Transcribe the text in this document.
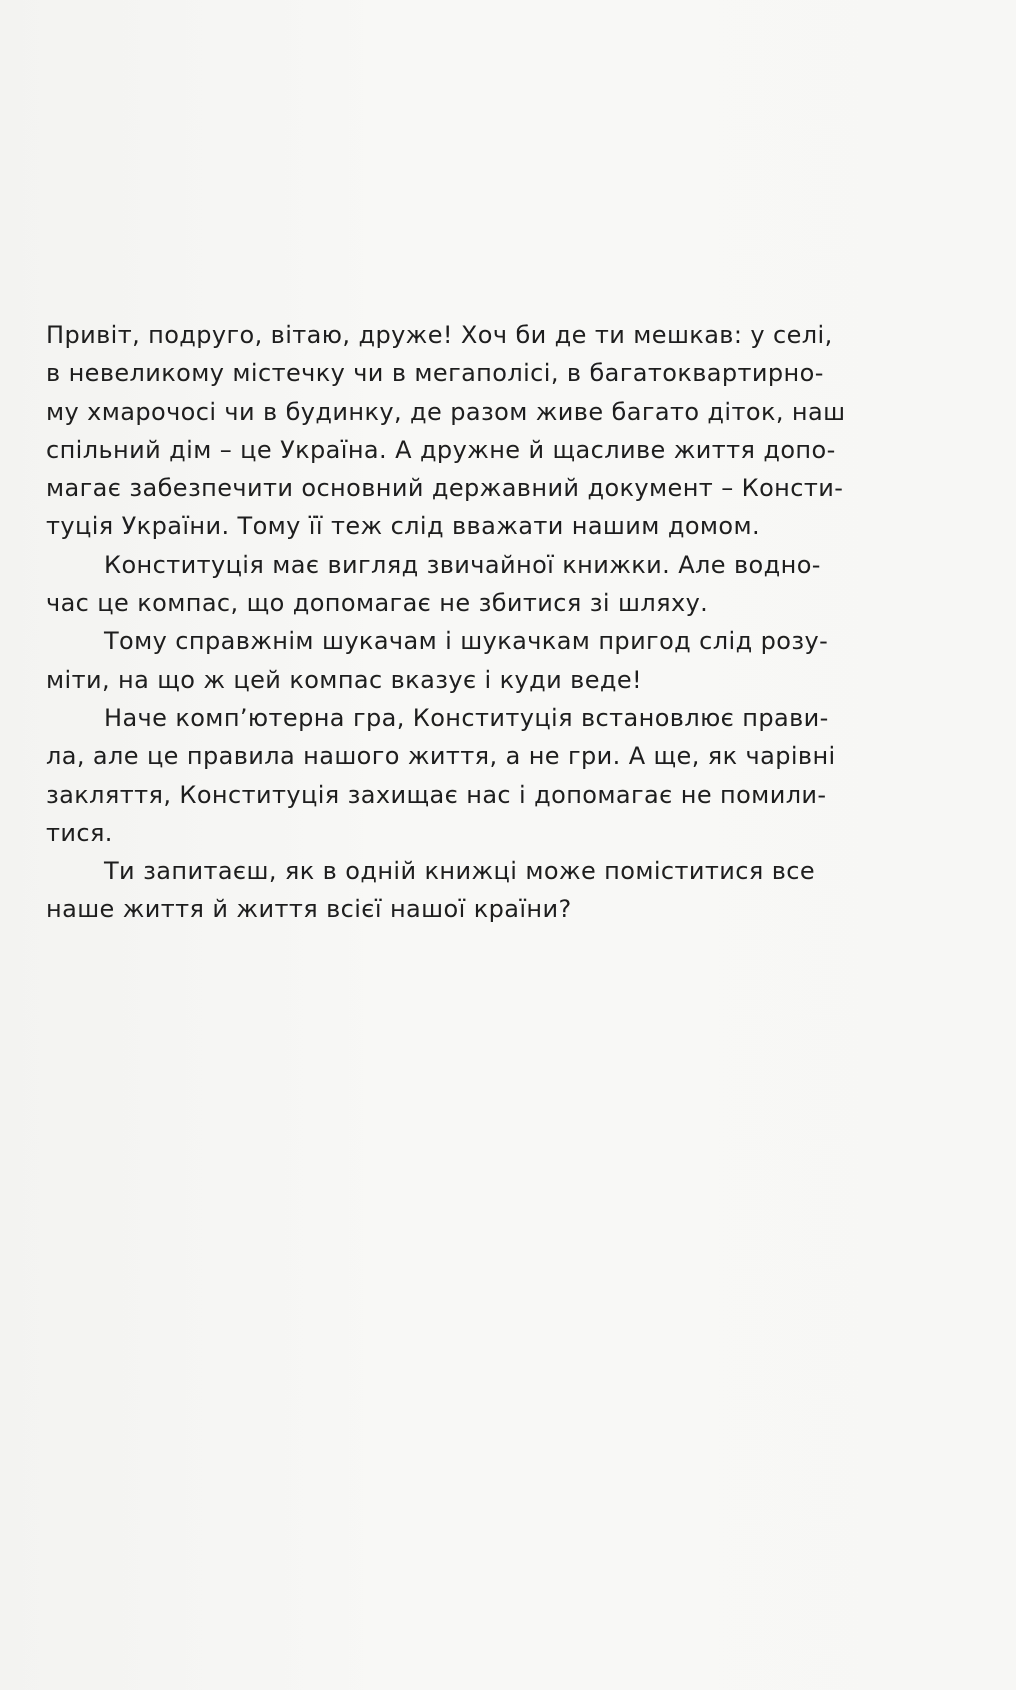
Привіт, подруго, вітаю, друже! Хоч би де ти мешкав: у селі,
в невеликому містечку чи в мегаполісі, в багатоквартирно-
му хмарочосі чи в будинку, де разом живе багато діток, наш
спільний дім – це Україна. А дружне й щасливе життя допо-
магає забезпечити основний державний документ – Консти-
туція України. Тому її теж слід вважати нашим домом.
Конституція має вигляд звичайної книжки. Але водно-
час це компас, що допомагає не збитися зі шляху.
Тому справжнім шукачам і шукачкам пригод слід розу-
міти, на що ж цей компас вказує і куди веде!
Наче комп’ютерна гра, Конституція встановлює прави-
ла, але це правила нашого життя, а не гри. А ще, як чарівні
закляття, Конституція захищає нас і допомагає не помили-
тися.
Ти запитаєш, як в одній книжці може поміститися все
наше життя й життя всієї нашої країни?
